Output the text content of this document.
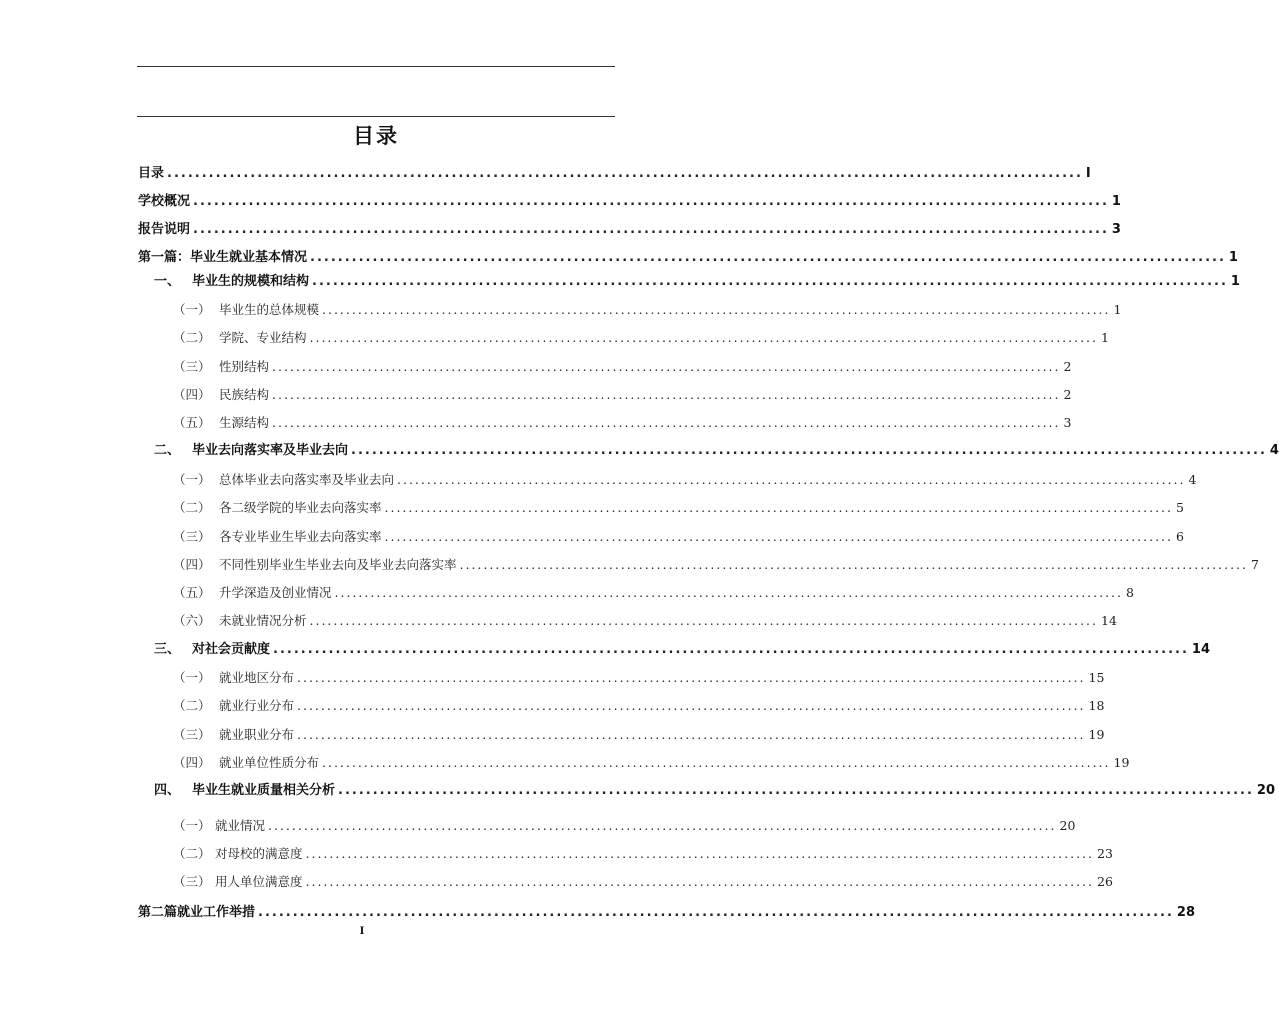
目录
目录 .................................................................................................................................... I
学校概况 .................................................................................................................................... 1
报告说明 .................................................................................................................................... 3
第一篇：毕业生就业基本情况 .................................................................................................................................... 1
一、 毕业生的规模和结构 .................................................................................................................................... 1
（一） 毕业生的总体规模 .................................................................................................................................... 1
（二） 学院、专业结构 .................................................................................................................................... 1
（三） 性别结构 .................................................................................................................................... 2
（四） 民族结构 .................................................................................................................................... 2
（五） 生源结构 .................................................................................................................................... 3
二、 毕业去向落实率及毕业去向 .................................................................................................................................... 4
（一） 总体毕业去向落实率及毕业去向 .................................................................................................................................... 4
（二） 各二级学院的毕业去向落实率 .................................................................................................................................... 5
（三） 各专业毕业生毕业去向落实率 .................................................................................................................................... 6
（四） 不同性别毕业生毕业去向及毕业去向落实率 .................................................................................................................................... 7
（五） 升学深造及创业情况 .................................................................................................................................... 8
（六） 未就业情况分析 .................................................................................................................................... 14
三、 对社会贡献度 .................................................................................................................................... 14
（一） 就业地区分布 .................................................................................................................................... 15
（二） 就业行业分布 .................................................................................................................................... 18
（三） 就业职业分布 .................................................................................................................................... 19
（四） 就业单位性质分布 .................................................................................................................................... 19
四、 毕业生就业质量相关分析 .................................................................................................................................... 20
（一） 就业情况 .................................................................................................................................... 20
（二） 对母校的满意度 .................................................................................................................................... 23
（三） 用人单位满意度 .................................................................................................................................... 26
第二篇就业工作举措 .................................................................................................................................... 28
I
